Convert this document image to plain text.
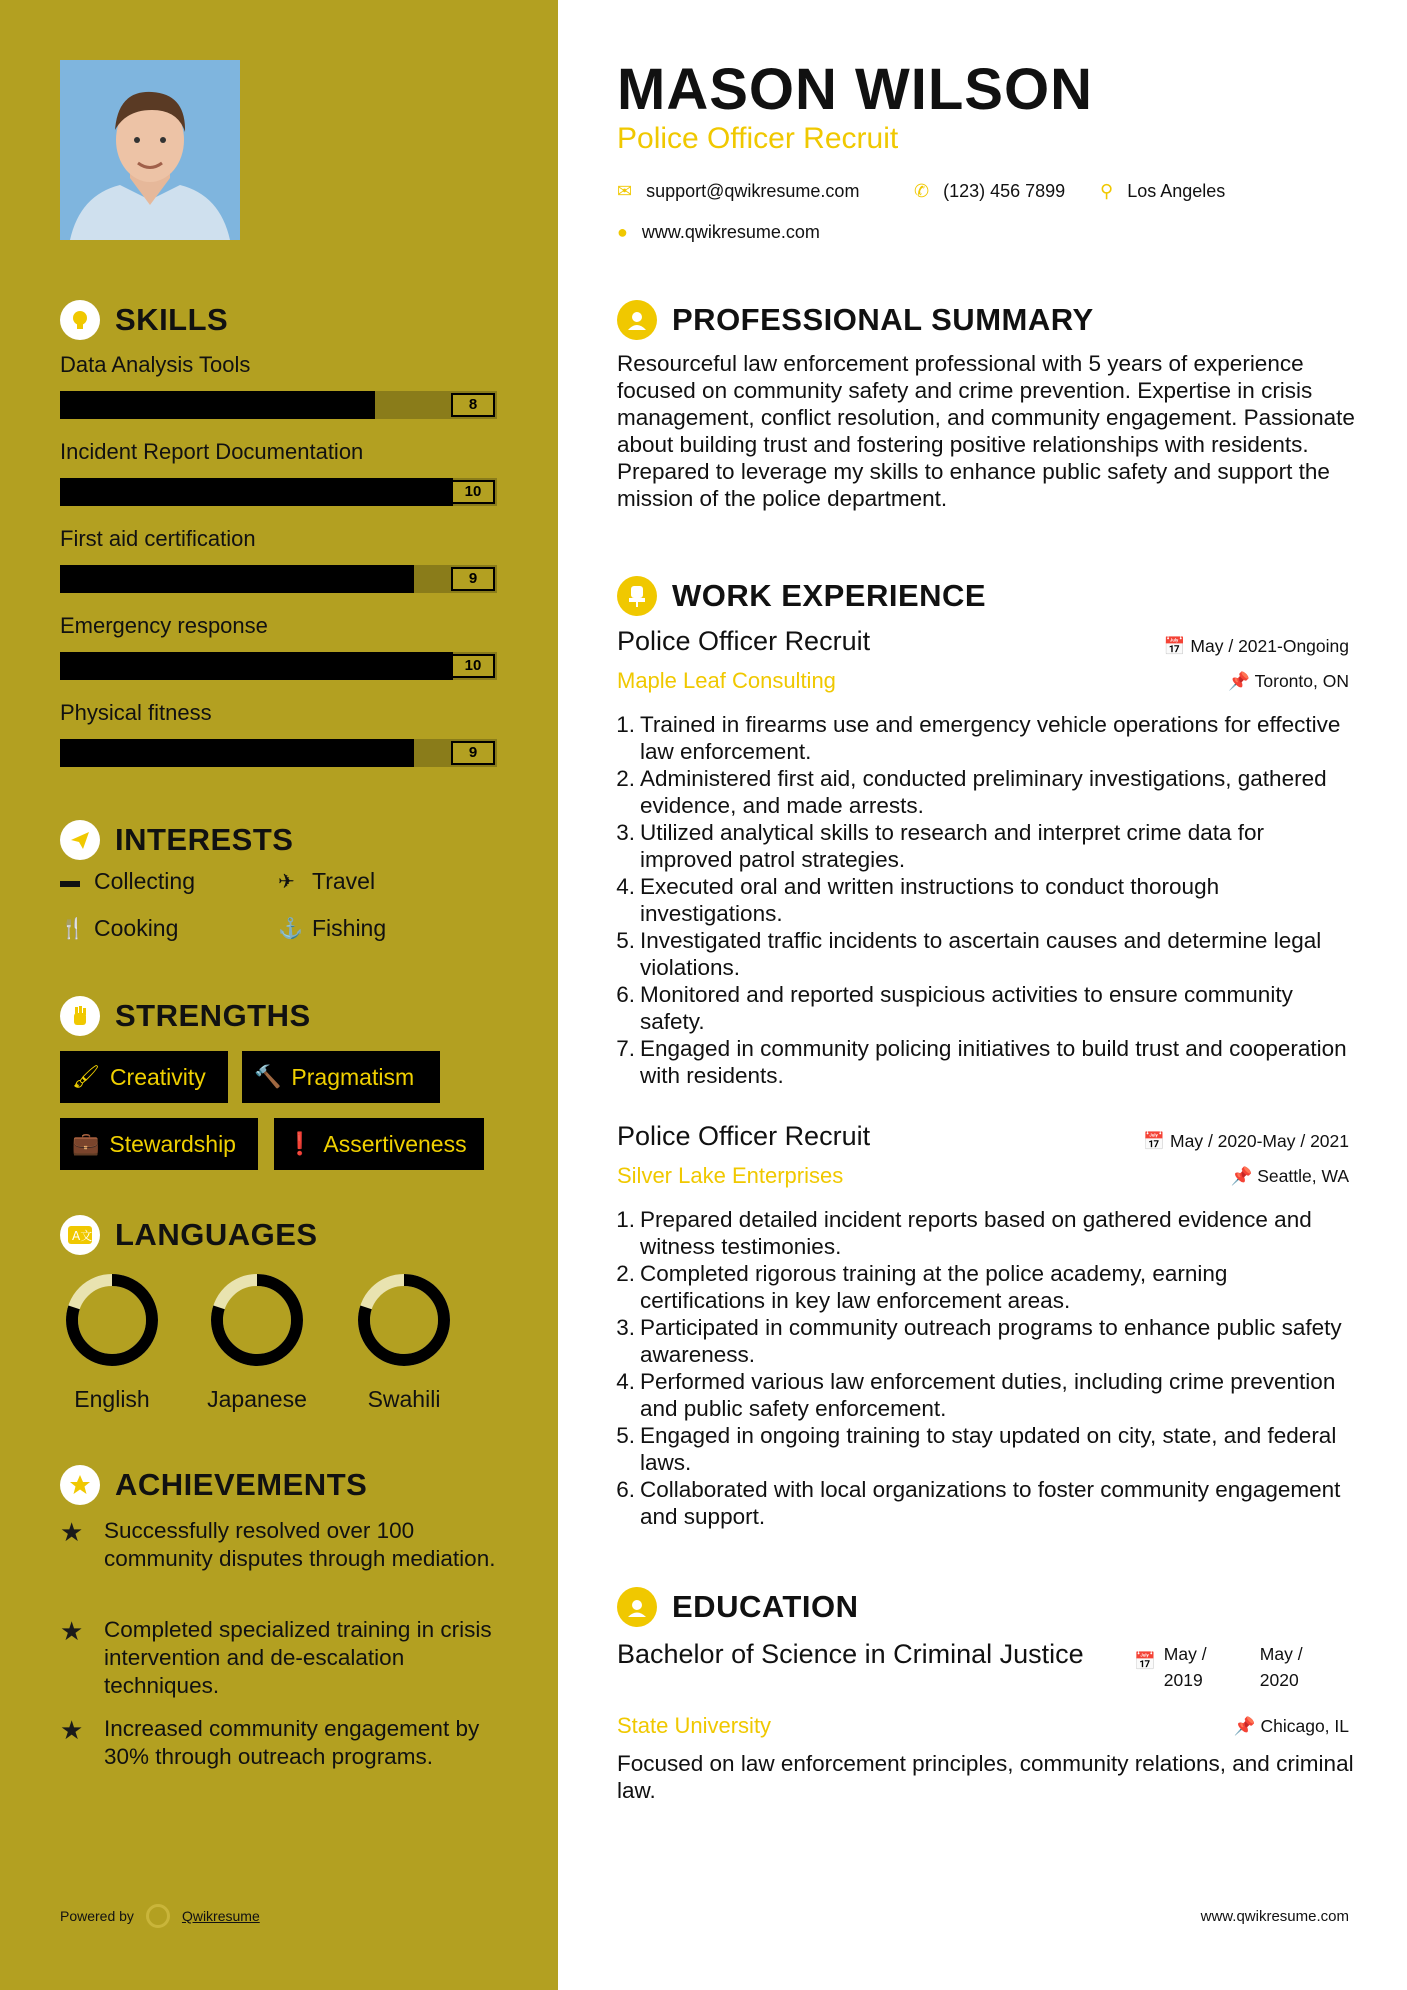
SKILLS
Data Analysis Tools
8
Incident Report Documentation
10
First aid certification
9
Emergency response
10
Physical fitness
9
INTERESTS
▬ Collecting	✈ Travel
🍴 Cooking	⚓ Fishing
STRENGTHS
🖌 Creativity 🔨 Pragmatism
💼 Stewardship ❗ Assertiveness
A文 LANGUAGES
English	Japanese	Swahili
ACHIEVEMENTS
★ Successfully resolved over 100 community disputes through mediation.
★ Completed specialized training in crisis intervention and de-escalation techniques.
★ Increased community engagement by 30% through outreach programs.
Powered by	Qwikresume
MASON WILSON
Police Officer Recruit
✉ support@qwikresume.com	✆ (123) 456 7899 ⚲ Los Angeles
● www.qwikresume.com
PROFESSIONAL SUMMARY
Resourceful law enforcement professional with 5 years of experience focused on community safety and crime prevention. Expertise in crisis management, conflict resolution, and community engagement. Passionate about building trust and fostering positive relationships with residents. Prepared to leverage my skills to enhance public safety and support the mission of the police department.
WORK EXPERIENCE
Police Officer Recruit
Maple Leaf Consulting
📅 May / 2021-Ongoing
📌 Toronto, ON
1. Trained in firearms use and emergency vehicle operations for effective law enforcement.
2. Administered first aid, conducted preliminary investigations, gathered evidence, and made arrests.
3. Utilized analytical skills to research and interpret crime data for improved patrol strategies.
4. Executed oral and written instructions to conduct thorough investigations.
5. Investigated traffic incidents to ascertain causes and determine legal violations.
6. Monitored and reported suspicious activities to ensure community safety.
7. Engaged in community policing initiatives to build trust and cooperation with residents.
Police Officer Recruit
Silver Lake Enterprises
📅 May / 2020-May / 2021
📌 Seattle, WA
1. Prepared detailed incident reports based on gathered evidence and witness testimonies.
2. Completed rigorous training at the police academy, earning certifications in key law enforcement areas.
3. Participated in community outreach programs to enhance public safety awareness.
4. Performed various law enforcement duties, including crime prevention and public safety enforcement.
5. Engaged in ongoing training to stay updated on city, state, and federal laws.
6. Collaborated with local organizations to foster community engagement and support.
EDUCATION
Bachelor of Science in Criminal Justice	📅 May / 2019
May / 2020
State University	📌 Chicago, IL
Focused on law enforcement principles, community relations, and criminal law.
www.qwikresume.com
